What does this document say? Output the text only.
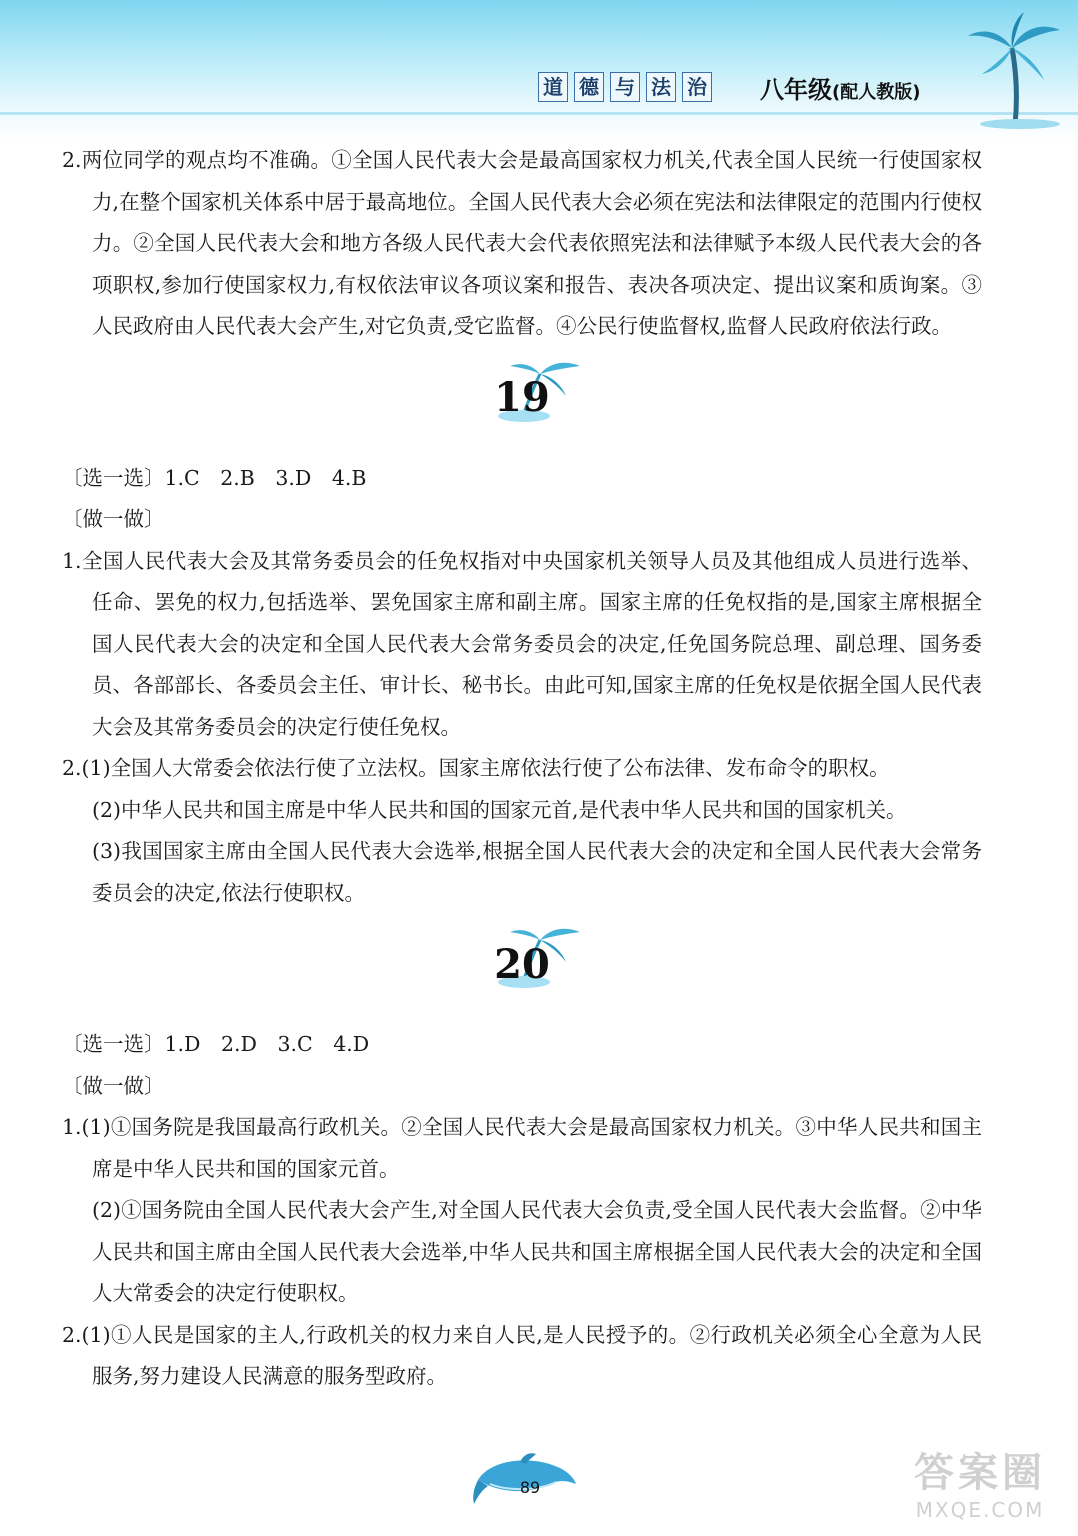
道 德 与 法 治 八年级(配人教版)

2.两位同学的观点均不准确。①全国人民代表大会是最高国家权力机关,代表全国人民统一行使国家权力,在整个国家机关体系中居于最高地位。全国人民代表大会必须在宪法和法律限定的范围内行使权力。②全国人民代表大会和地方各级人民代表大会代表依照宪法和法律赋予本级人民代表大会的各项职权,参加行使国家权力,有权依法审议各项议案和报告、表决各项决定、提出议案和质询案。③人民政府由人民代表大会产生,对它负责,受它监督。④公民行使监督权,监督人民政府依法行政。

19

〔选一选〕1.C　2.B　3.D　4.B

〔做一做〕

1.全国人民代表大会及其常务委员会的任免权指对中央国家机关领导人员及其他组成人员进行选举、任命、罢免的权力,包括选举、罢免国家主席和副主席。国家主席的任免权指的是,国家主席根据全国人民代表大会的决定和全国人民代表大会常务委员会的决定,任免国务院总理、副总理、国务委员、各部部长、各委员会主任、审计长、秘书长。由此可知,国家主席的任免权是依据全国人民代表大会及其常务委员会的决定行使任免权。

2.(1)全国人大常委会依法行使了立法权。国家主席依法行使了公布法律、发布命令的职权。

(2)中华人民共和国主席是中华人民共和国的国家元首,是代表中华人民共和国的国家机关。

(3)我国国家主席由全国人民代表大会选举,根据全国人民代表大会的决定和全国人民代表大会常务委员会的决定,依法行使职权。

20

〔选一选〕1.D　2.D　3.C　4.D

〔做一做〕

1.(1)①国务院是我国最高行政机关。②全国人民代表大会是最高国家权力机关。③中华人民共和国主席是中华人民共和国的国家元首。

(2)①国务院由全国人民代表大会产生,对全国人民代表大会负责,受全国人民代表大会监督。②中华人民共和国主席由全国人民代表大会选举,中华人民共和国主席根据全国人民代表大会的决定和全国人大常委会的决定行使职权。

2.(1)①人民是国家的主人,行政机关的权力来自人民,是人民授予的。②行政机关必须全心全意为人民服务,努力建设人民满意的服务型政府。

89	答案圈
MXQE.COM
